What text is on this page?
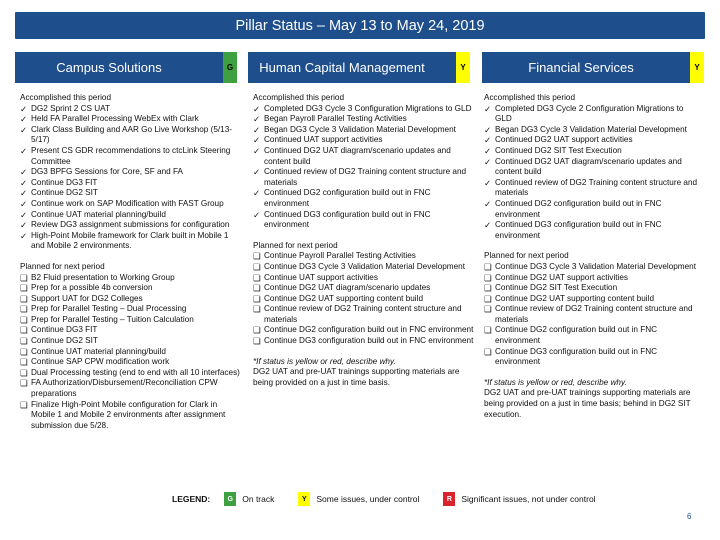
Pillar Status – May 13 to May 24, 2019
Campus Solutions	G	Human Capital Management	Y	Financial Services	Y
Accomplished this period
✓ DG2 Sprint 2 CS UAT
✓ Held FA Parallel Processing WebEx with Clark
✓ Clark Class Building and AAR Go Live Workshop (5/13-5/17)
✓ Present CS GDR recommendations to ctcLink Steering Committee
✓ DG3 BPFG Sessions for Core, SF and FA
✓ Continue DG3 FIT
✓ Continue DG2 SIT
✓ Continue work on SAP Modification with FAST Group
✓ Continue UAT material planning/build
✓ Review DG3 assignment submissions for configuration
✓ High-Point Mobile framework for Clark built in Mobile 1 and Mobile 2 environments.
Planned for next period
❏ B2 Fluid presentation to Working Group
❏ Prep for a possible 4b conversion
❏ Support UAT for DG2 Colleges
❏ Prep for Parallel Testing – Dual Processing
❏ Prep for Parallel Testing – Tuition Calculation
❏ Continue DG3 FIT
❏ Continue DG2 SIT
❏ Continue UAT material planning/build
❏ Continue SAP CPW modification work
❏ Dual Processing testing (end to end with all 10 interfaces)
❏ FA Authorization/Disbursement/Reconciliation CPW preparations
❏ Finalize High-Point Mobile configuration for Clark in Mobile 1 and Mobile 2 environments after assignment submission due 5/28.
Accomplished this period
✓ Completed DG3 Cycle 3 Configuration Migrations to GLD
✓ Began Payroll Parallel Testing Activities
✓ Began DG3 Cycle 3 Validation Material Development
✓ Continued UAT support activities
✓ Continued DG2 UAT diagram/scenario updates and content build
✓ Continued review of DG2 Training content structure and materials
✓ Continued DG2 configuration build out in FNC environment
✓ Continued DG3 configuration build out in FNC environment
Planned for next period
❏ Continue Payroll Parallel Testing Activities
❏ Continue DG3 Cycle 3 Validation Material Development
❏ Continue UAT support activities
❏ Continue DG2 UAT diagram/scenario updates
❏ Continue DG2 UAT supporting content build
❏ Continue review of DG2 Training content structure and materials
❏ Continue DG2 configuration build out in FNC environment
❏ Continue DG3 configuration build out in FNC environment
*If status is yellow or red, describe why.
DG2 UAT and pre-UAT trainings supporting materials are being provided on a just in time basis.
Accomplished this period
✓ Completed DG3 Cycle 2 Configuration Migrations to GLD
✓ Began DG3 Cycle 3 Validation Material Development
✓ Continued DG2 UAT support activities
✓ Continued DG2 SIT Test Execution
✓ Continued DG2 UAT diagram/scenario updates and content build
✓ Continued review of DG2 Training content structure and materials
✓ Continued DG2 configuration build out in FNC environment
✓ Continued DG3 configuration build out in FNC environment
Planned for next period
❏ Continue DG3 Cycle 3 Validation Material Development
❏ Continue DG2 UAT support activities
❏ Continue DG2 SIT Test Execution
❏ Continue DG2 UAT supporting content build
❏ Continue review of DG2 Training content structure and materials
❏ Continue DG2 configuration build out in FNC environment
❏ Continue DG3 configuration build out in FNC environment
*If status is yellow or red, describe why.
DG2 UAT and pre-UAT trainings supporting materials are being provided on a just in time basis; behind in DG2 SIT execution.
LEGEND:	G	On track	Y	Some issues, under control	R	Significant issues, not under control
6
